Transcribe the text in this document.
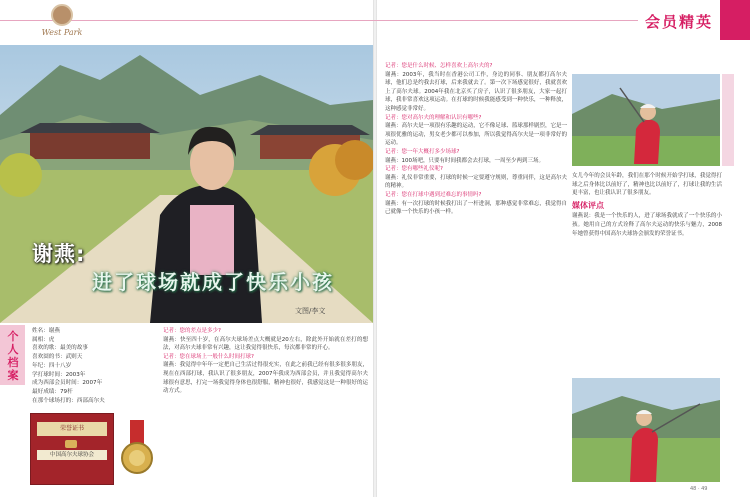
West Park
会员精英
谢燕:
进了球场就成了快乐小孩
文图/李文
个人档案
姓名：谢燕
属相：虎
喜欢的歌：最美的故事
喜欢囧的书：武则天
年纪：四十八岁
学打球时间：2003年
成为西部会员时间：2007年
最好成绩：79杆
在那个球场打的：西部高尔夫
荣誉证书
中国高尔夫球协会
记者：您的差点是多少?
谢燕：快至四十岁，在高尔夫球场差点大概就是20左右，除此外开始就在差打的想法，对高尔夫球非常有兴趣，这让我觉得很快乐，每次都非常的开心。
记者：您在球场上一般什么时间打球?
谢燕：我觉得中年年一定把自己生活过得很充实，在此之前我已经有很多很多朋友，现在在西部打球，我认识了很多朋友，2007年我成为西部会员，并且我觉得高尔夫球很有意思，打完一场我觉得身体也很舒服，精神也很好，我感觉这是一种很好的运动方式。
记者：您是什么时候、怎样喜欢上高尔夫的?
谢燕：2003年，我当时在香港公司工作，身边的同事、朋友都打高尔夫球，他们总是约我去打球，后来我就去了。第一次下场感觉很好，我就喜欢上了高尔夫球。2004年我在北京买了房子，认识了很多朋友，大家一起打球，我非常喜欢这项运动。在打球的时候我能感受到一种快乐，一种释放，这种感觉非常好。
记者：您对高尔夫的理解和认识有哪些?
谢燕：高尔夫是一项很有乐趣的运动，它不像足球、篮球那样剧烈，它是一项很优雅的运动，男女老少都可以参加，所以我觉得高尔夫是一项非常好的运动。
记者：您一年大概打多少场球?
谢燕：100场吧，只要有时间我都会去打球，一周至少两到三场。
记者：您有哪些礼仪呢?
谢燕：礼仪非常重要，打球的时候一定要遵守规则，尊重同伴，这是高尔夫的精神。
记者：您在打球中遇到过难忘的事情吗?
谢燕：有一次打球的时候我打出了一杆进洞，那种感觉非常难忘，我觉得自己就像一个快乐的小孩一样。
女儿今年的会员年龄，我们在那个时候开始学打球，我觉得打球之后身体比以前好了，精神也比以前好了，打球让我的生活更丰富，也让我认识了很多朋友。
媒体评点
谢燕说：我是一个快乐的人，进了球场我就成了一个快乐的小孩。她用自己的方式诠释了高尔夫运动的快乐与魅力，2008年她曾获得中国高尔夫球协会颁发的荣誉证书。
48 · 49
